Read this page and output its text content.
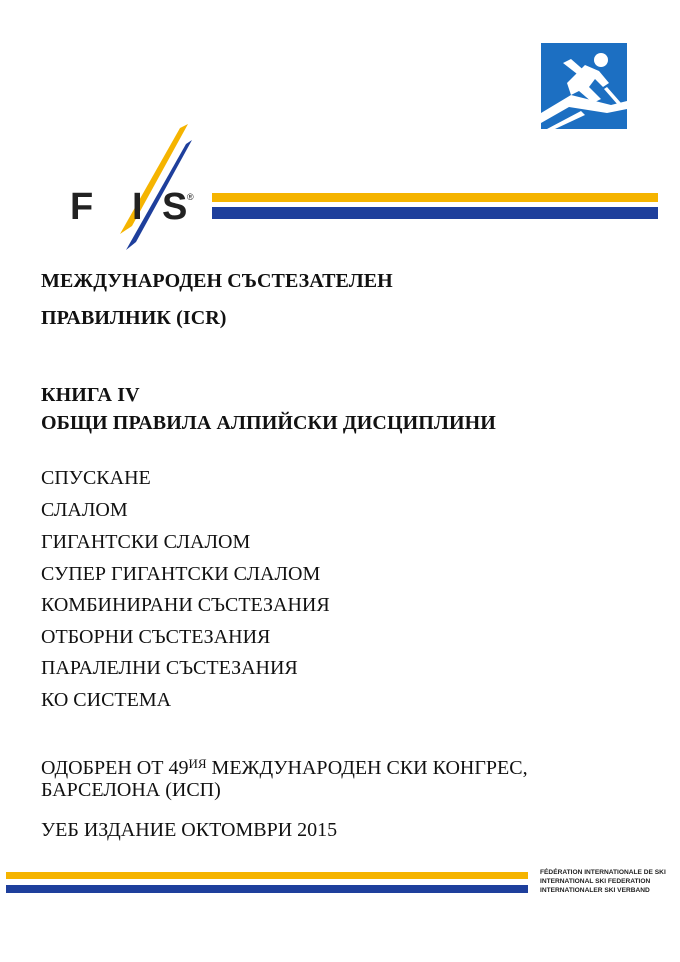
F I S ®
МЕЖДУНАРОДЕН СЪСТЕЗАТЕЛЕН
ПРАВИЛНИК (ICR)
КНИГА IV
ОБЩИ ПРАВИЛА АЛПИЙСКИ ДИСЦИПЛИНИ
СПУСКАНЕ
СЛАЛОМ
ГИГАНТСКИ СЛАЛОМ
СУПЕР ГИГАНТСКИ СЛАЛОМ
КОМБИНИРАНИ СЪСТЕЗАНИЯ
ОТБОРНИ СЪСТЕЗАНИЯ
ПАРАЛЕЛНИ СЪСТЕЗАНИЯ
КО СИСТЕМА
ОДОБРЕН ОТ $49^{ИЯ}$ МЕЖДУНАРОДЕН СКИ КОНГРЕС,
БАРСЕЛОНА (ИСП)
УЕБ ИЗДАНИЕ ОКТОМВРИ 2015
FÉDÉRATION INTERNATIONALE DE SKI
INTERNATIONAL SKI FEDERATION
INTERNATIONALER SKI VERBAND
